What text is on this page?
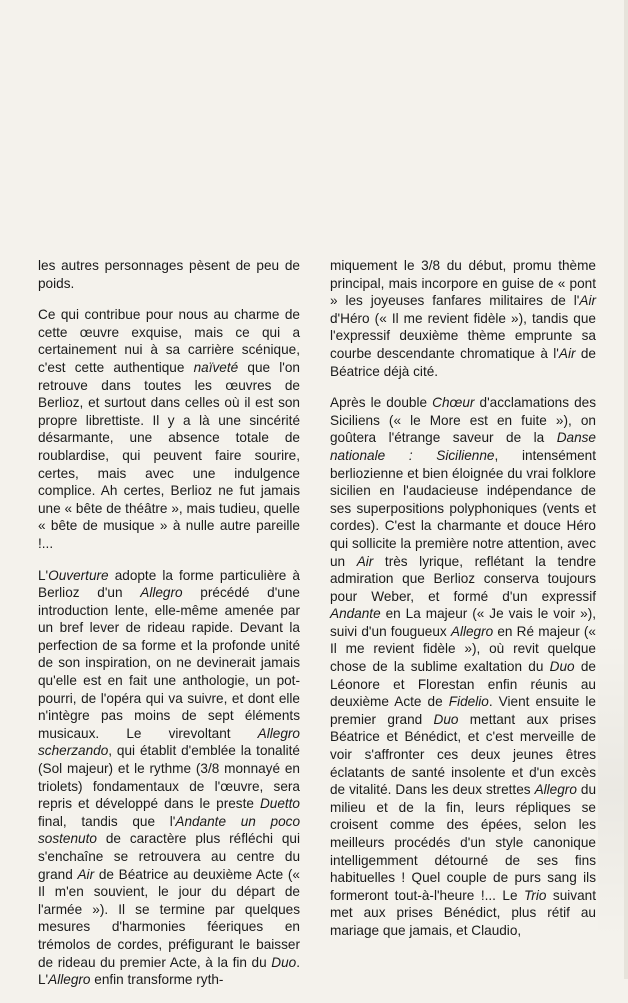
les autres personnages pèsent de peu de poids.

Ce qui contribue pour nous au charme de cette œuvre exquise, mais ce qui a certainement nui à sa carrière scénique, c'est cette authentique naïveté que l'on retrouve dans toutes les œuvres de Berlioz, et surtout dans celles où il est son propre librettiste. Il y a là une sincérité désarmante, une absence totale de roublardise, qui peuvent faire sourire, certes, mais avec une indulgence complice. Ah certes, Berlioz ne fut jamais une « bête de théâtre », mais tudieu, quelle « bête de musique » à nulle autre pareille !...

L'Ouverture adopte la forme particulière à Berlioz d'un Allegro précédé d'une introduction lente, elle-même amenée par un bref lever de rideau rapide. Devant la perfection de sa forme et la profonde unité de son inspiration, on ne devinerait jamais qu'elle est en fait une anthologie, un pot-pourri, de l'opéra qui va suivre, et dont elle n'intègre pas moins de sept éléments musicaux. Le virevoltant Allegro scherzando, qui établit d'emblée la tonalité (Sol majeur) et le rythme (3/8 monnayé en triolets) fondamentaux de l'œuvre, sera repris et développé dans le preste Duetto final, tandis que l'Andante un poco sostenuto de caractère plus réfléchi qui s'enchaîne se retrouvera au centre du grand Air de Béatrice au deuxième Acte (« Il m'en souvient, le jour du départ de l'armée »). Il se termine par quelques mesures d'harmonies féeriques en trémolos de cordes, préfigurant le baisser de rideau du premier Acte, à la fin du Duo. L'Allegro enfin transforme ryth-

miquement le 3/8 du début, promu thème principal, mais incorpore en guise de « pont » les joyeuses fanfares militaires de l'Air d'Héro (« Il me revient fidèle »), tandis que l'expressif deuxième thème emprunte sa courbe descendante chromatique à l'Air de Béatrice déjà cité.

Après le double Chœur d'acclamations des Siciliens (« le More est en fuite »), on goûtera l'étrange saveur de la Danse nationale : Sicilienne, intensément berliozienne et bien éloignée du vrai folklore sicilien en l'audacieuse indépendance de ses superpositions polyphoniques (vents et cordes). C'est la charmante et douce Héro qui sollicite la première notre attention, avec un Air très lyrique, reflétant la tendre admiration que Berlioz conserva toujours pour Weber, et formé d'un expressif Andante en La majeur (« Je vais le voir »), suivi d'un fougueux Allegro en Ré majeur (« Il me revient fidèle »), où revit quelque chose de la sublime exaltation du Duo de Léonore et Florestan enfin réunis au deuxième Acte de Fidelio. Vient ensuite le premier grand Duo mettant aux prises Béatrice et Bénédict, et c'est merveille de voir s'affronter ces deux jeunes êtres éclatants de santé insolente et d'un excès de vitalité. Dans les deux strettes Allegro du milieu et de la fin, leurs répliques se croisent comme des épées, selon les meilleurs procédés d'un style canonique intelligemment détourné de ses fins habituelles ! Quel couple de purs sang ils formeront tout-à-l'heure !... Le Trio suivant met aux prises Bénédict, plus rétif au mariage que jamais, et Claudio,
